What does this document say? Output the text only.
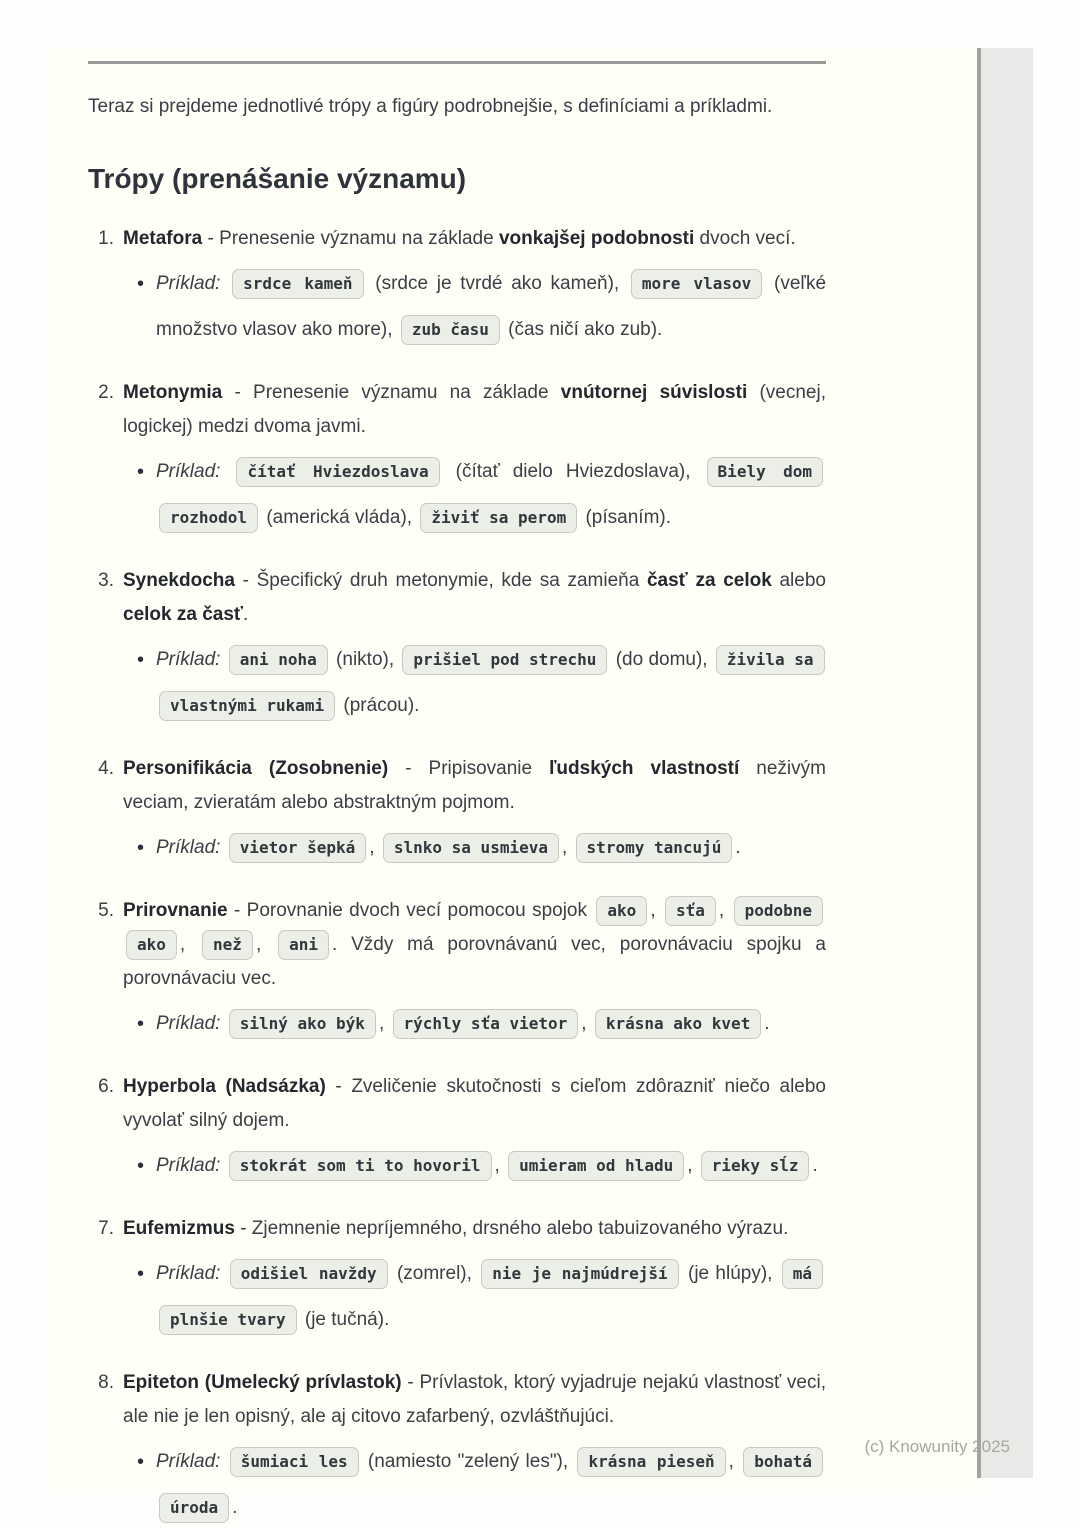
Teraz si prejdeme jednotlivé trópy a figúry podrobnejšie, s definíciami a príkladmi.

Trópy (prenášanie významu)
1. Metafora - Prenesenie významu na základe vonkajšej podobnosti dvoch vecí.
• Príklad: srdce kameň (srdce je tvrdé ako kameň), more vlasov (veľké množstvo vlasov ako more), zub času (čas ničí ako zub).
2. Metonymia - Prenesenie významu na základe vnútornej súvislosti (vecnej, logickej) medzi dvoma javmi.
• Príklad: čítať Hviezdoslava (čítať dielo Hviezdoslava), Biely dom rozhodol (americká vláda), živiť sa perom (písaním).
3. Synekdocha - Špecifický druh metonymie, kde sa zamieňa časť za celok alebo celok za časť.
• Príklad: ani noha (nikto), prišiel pod strechu (do domu), živila sa vlastnými rukami (prácou).
4. Personifikácia (Zosobnenie) - Pripisovanie ľudských vlastností neživým veciam, zvieratám alebo abstraktným pojmom.
• Príklad: vietor šepká , slnko sa usmieva , stromy tancujú .
5. Prirovnanie - Porovnanie dvoch vecí pomocou spojok ako , sťa , podobne ako , než , ani . Vždy má porovnávanú vec, porovnávaciu spojku a porovnávaciu vec.
• Príklad: silný ako býk , rýchly sťa vietor , krásna ako kvet .
6. Hyperbola (Nadsázka) - Zveličenie skutočnosti s cieľom zdôrazniť niečo alebo vyvolať silný dojem.
• Príklad: stokrát som ti to hovoril , umieram od hladu , rieky sĺz .
7. Eufemizmus - Zjemnenie nepríjemného, drsného alebo tabuizovaného výrazu.
• Príklad: odišiel navždy (zomrel), nie je najmúdrejší (je hlúpy), má plnšie tvary (je tučná).
8. Epiteton (Umelecký prívlastok) - Prívlastok, ktorý vyjadruje nejakú vlastnosť veci, ale nie je len opisný, ale aj citovo zafarbený, ozvláštňujúci.
• Príklad: šumiaci les (namiesto "zelený les"), krásna pieseň , bohatá úroda .
(c) Knowunity 2025
